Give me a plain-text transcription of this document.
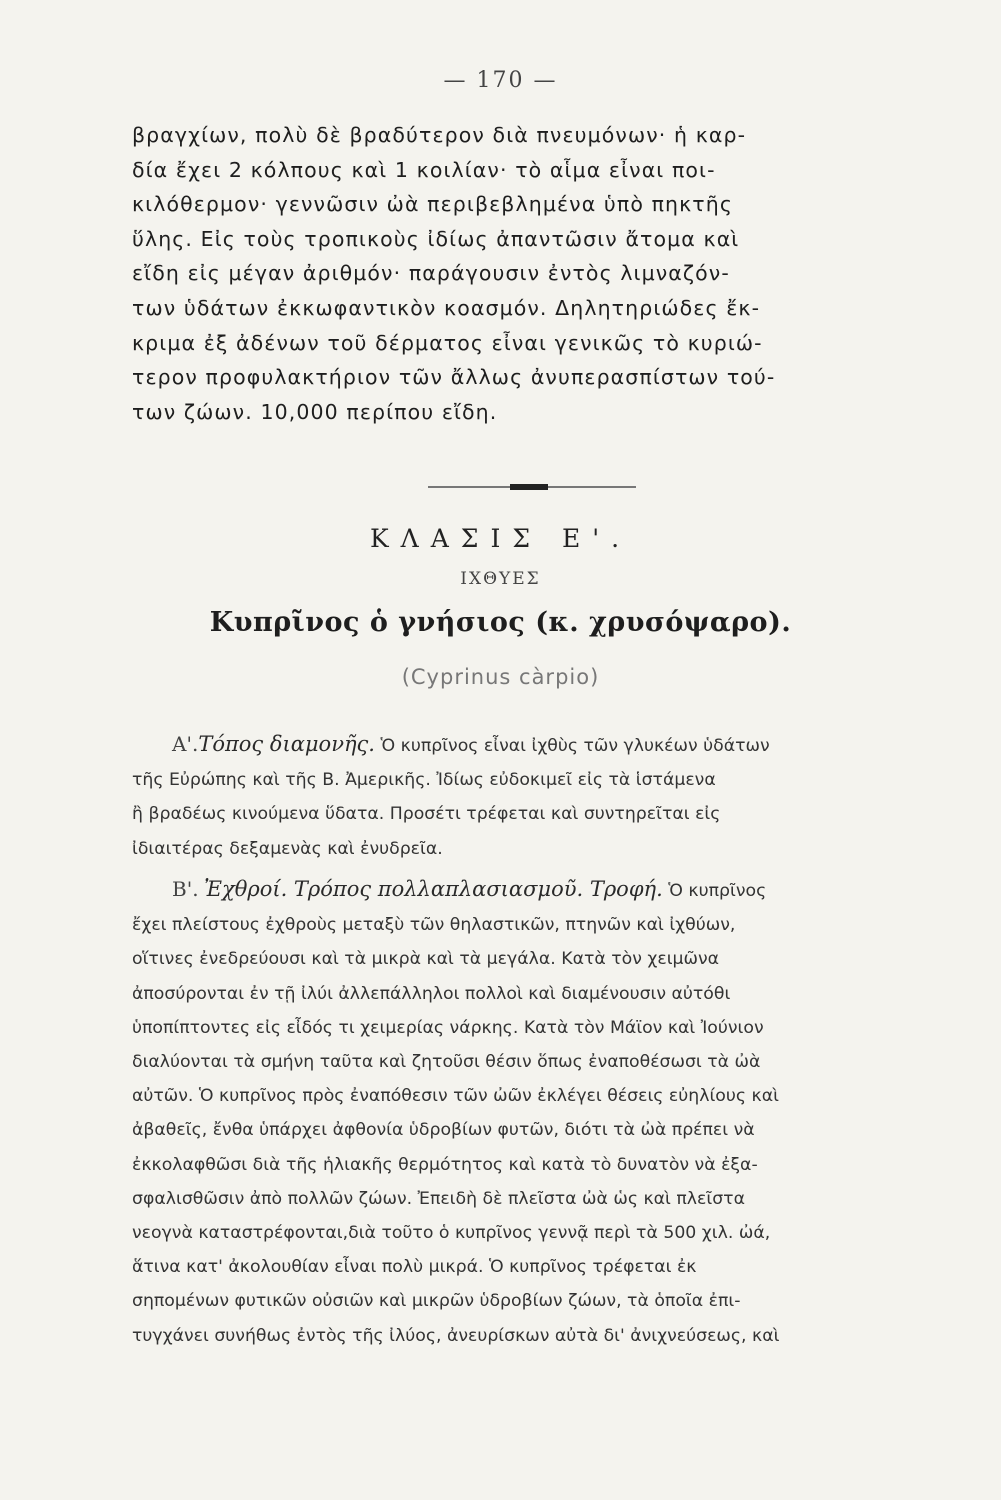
— 170 —
βραγχίων, πολὺ δὲ βραδύτερον διὰ πνευμόνων· ἡ καρ-
δία ἔχει 2 κόλπους καὶ 1 κοιλίαν· τὸ αἷμα εἶναι ποι-
κιλόθερμον· γεννῶσιν ὠὰ περιβεβλημένα ὑπὸ πηκτῆς
ὕλης. Εἰς τοὺς τροπικοὺς ἰδίως ἀπαντῶσιν ἄτομα καὶ
εἴδη εἰς μέγαν ἀριθμόν· παράγουσιν ἐντὸς λιμναζόν-
των ὑδάτων ἐκκωφαντικὸν κοασμόν. Δηλητηριώδες ἔκ-
κριμα ἐξ ἀδένων τοῦ δέρματος εἶναι γενικῶς τὸ κυριώ-
τερον προφυλακτήριον τῶν ἄλλως ἀνυπερασπίστων τού-
των ζώων. 10,000 περίπου εἴδη.
ΚΛΑΣΙΣ Ε'.
ΙΧΘΥΕΣ
Κυπρῖνος ὁ γνήσιος (κ. χρυσόψαρο).
(Cyprinus càrpio)
Α'.Τόπος διαμονῆς. Ὁ κυπρῖνος εἶναι ἰχθὺς τῶν γλυκέων ὑδάτων
τῆς Εὐρώπης καὶ τῆς Β. Ἀμερικῆς. Ἰδίως εὐδοκιμεῖ εἰς τὰ ἱστάμενα
ἢ βραδέως κινούμενα ὕδατα. Προσέτι τρέφεται καὶ συντηρεῖται εἰς
ἰδιαιτέρας δεξαμενὰς καὶ ἐνυδρεῖα.
Β'. Ἐχθροί. Τρόπος πολλαπλασιασμοῦ. Τροφή. Ὁ κυπρῖνος
ἔχει πλείστους ἐχθροὺς μεταξὺ τῶν θηλαστικῶν, πτηνῶν καὶ ἰχθύων,
οἵτινες ἐνεδρεύουσι καὶ τὰ μικρὰ καὶ τὰ μεγάλα. Κατὰ τὸν χειμῶνα
ἀποσύρονται ἐν τῇ ἰλύι ἀλλεπάλληλοι πολλοὶ καὶ διαμένουσιν αὐτόθι
ὑποπίπτοντες εἰς εἶδός τι χειμερίας νάρκης. Κατὰ τὸν Μάϊον καὶ Ἰούνιον
διαλύονται τὰ σμήνη ταῦτα καὶ ζητοῦσι θέσιν ὅπως ἐναποθέσωσι τὰ ὠὰ
αὐτῶν. Ὁ κυπρῖνος πρὸς ἐναπόθεσιν τῶν ὠῶν ἐκλέγει θέσεις εὐηλίους καὶ
ἀβαθεῖς, ἔνθα ὑπάρχει ἀφθονία ὑδροβίων φυτῶν, διότι τὰ ὠὰ πρέπει νὰ
ἐκκολαφθῶσι διὰ τῆς ἡλιακῆς θερμότητος καὶ κατὰ τὸ δυνατὸν νὰ ἐξα-
σφαλισθῶσιν ἀπὸ πολλῶν ζώων. Ἐπειδὴ δὲ πλεῖστα ὠὰ ὡς καὶ πλεῖστα
νεογνὰ καταστρέφονται,διὰ τοῦτο ὁ κυπρῖνος γεννᾷ περὶ τὰ 500 χιλ. ὠά,
ἅτινα κατ' ἀκολουθίαν εἶναι πολὺ μικρά. Ὁ κυπρῖνος τρέφεται ἐκ
σηπομένων φυτικῶν οὐσιῶν καὶ μικρῶν ὑδροβίων ζώων, τὰ ὁποῖα ἐπι-
τυγχάνει συνήθως ἐντὸς τῆς ἰλύος, ἀνευρίσκων αὐτὰ δι' ἀνιχνεύσεως, καὶ
